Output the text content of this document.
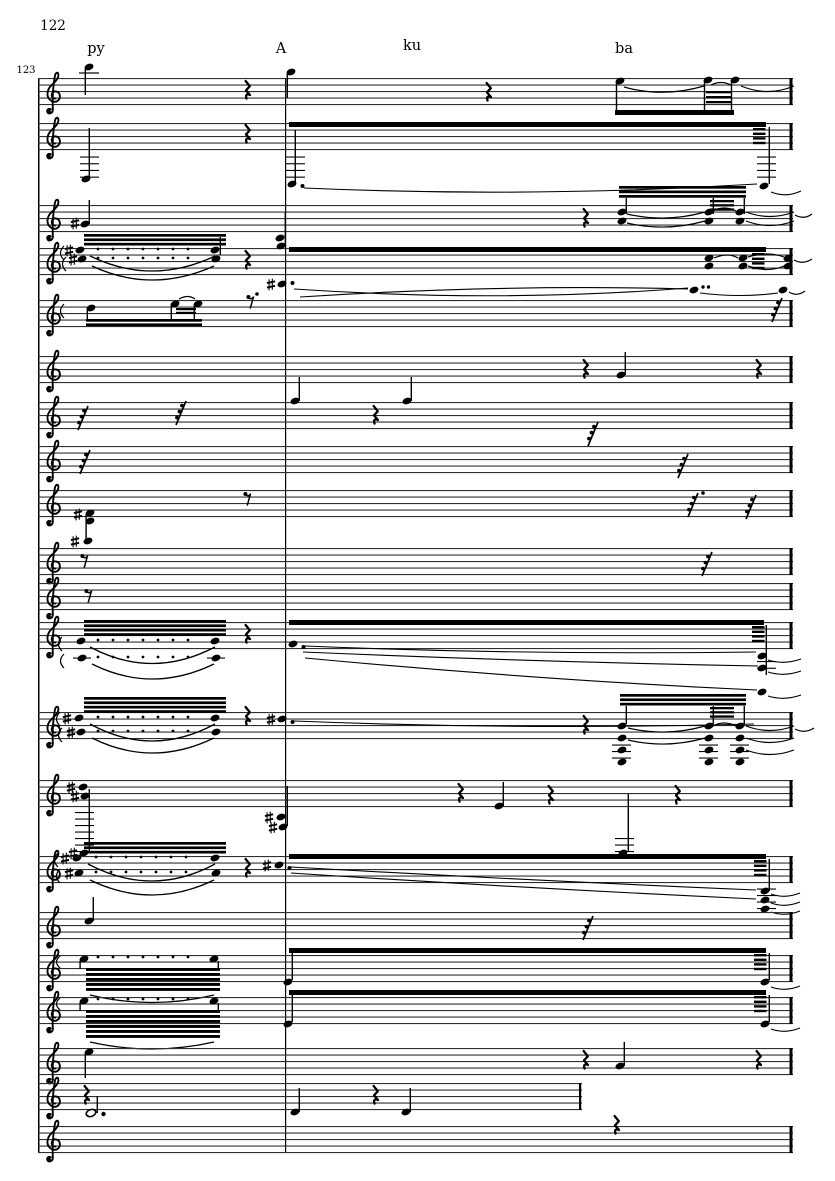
122
123
py	A	ku	ba
